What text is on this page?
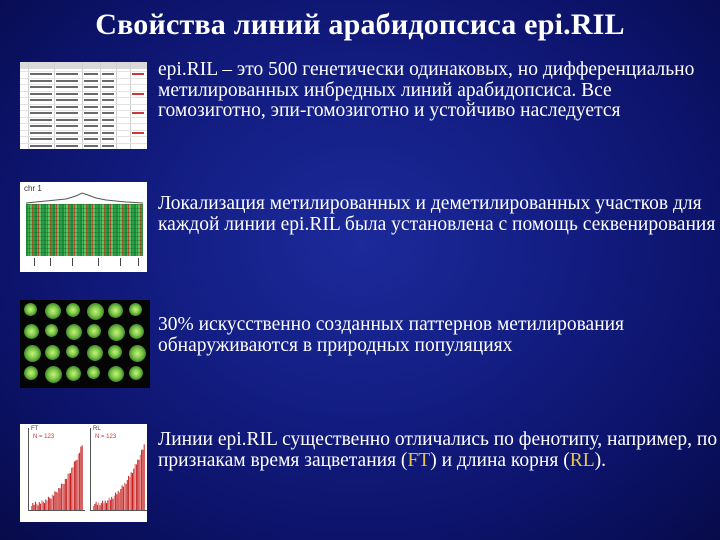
Свойства линий арабидопсиса epi.RIL
epi.RIL – это 500 генетически одинаковых, но дифференциально метилированных инбредных линий арабидопсиса. Все гомозиготно, эпи-гомозиготно и устойчиво наследуется
chr 1
Локализация метилированных и деметилированных участков для каждой линии epi.RIL была установлена с помощь секвенирования
30% искусственно созданных паттернов метилирования обнаруживаются в природных популяциях
FT
N = 123
RL
N = 123 Линии epi.RIL существенно отличались по фенотипу, например, по признакам время зацветания (FT) и длина корня (RL).
